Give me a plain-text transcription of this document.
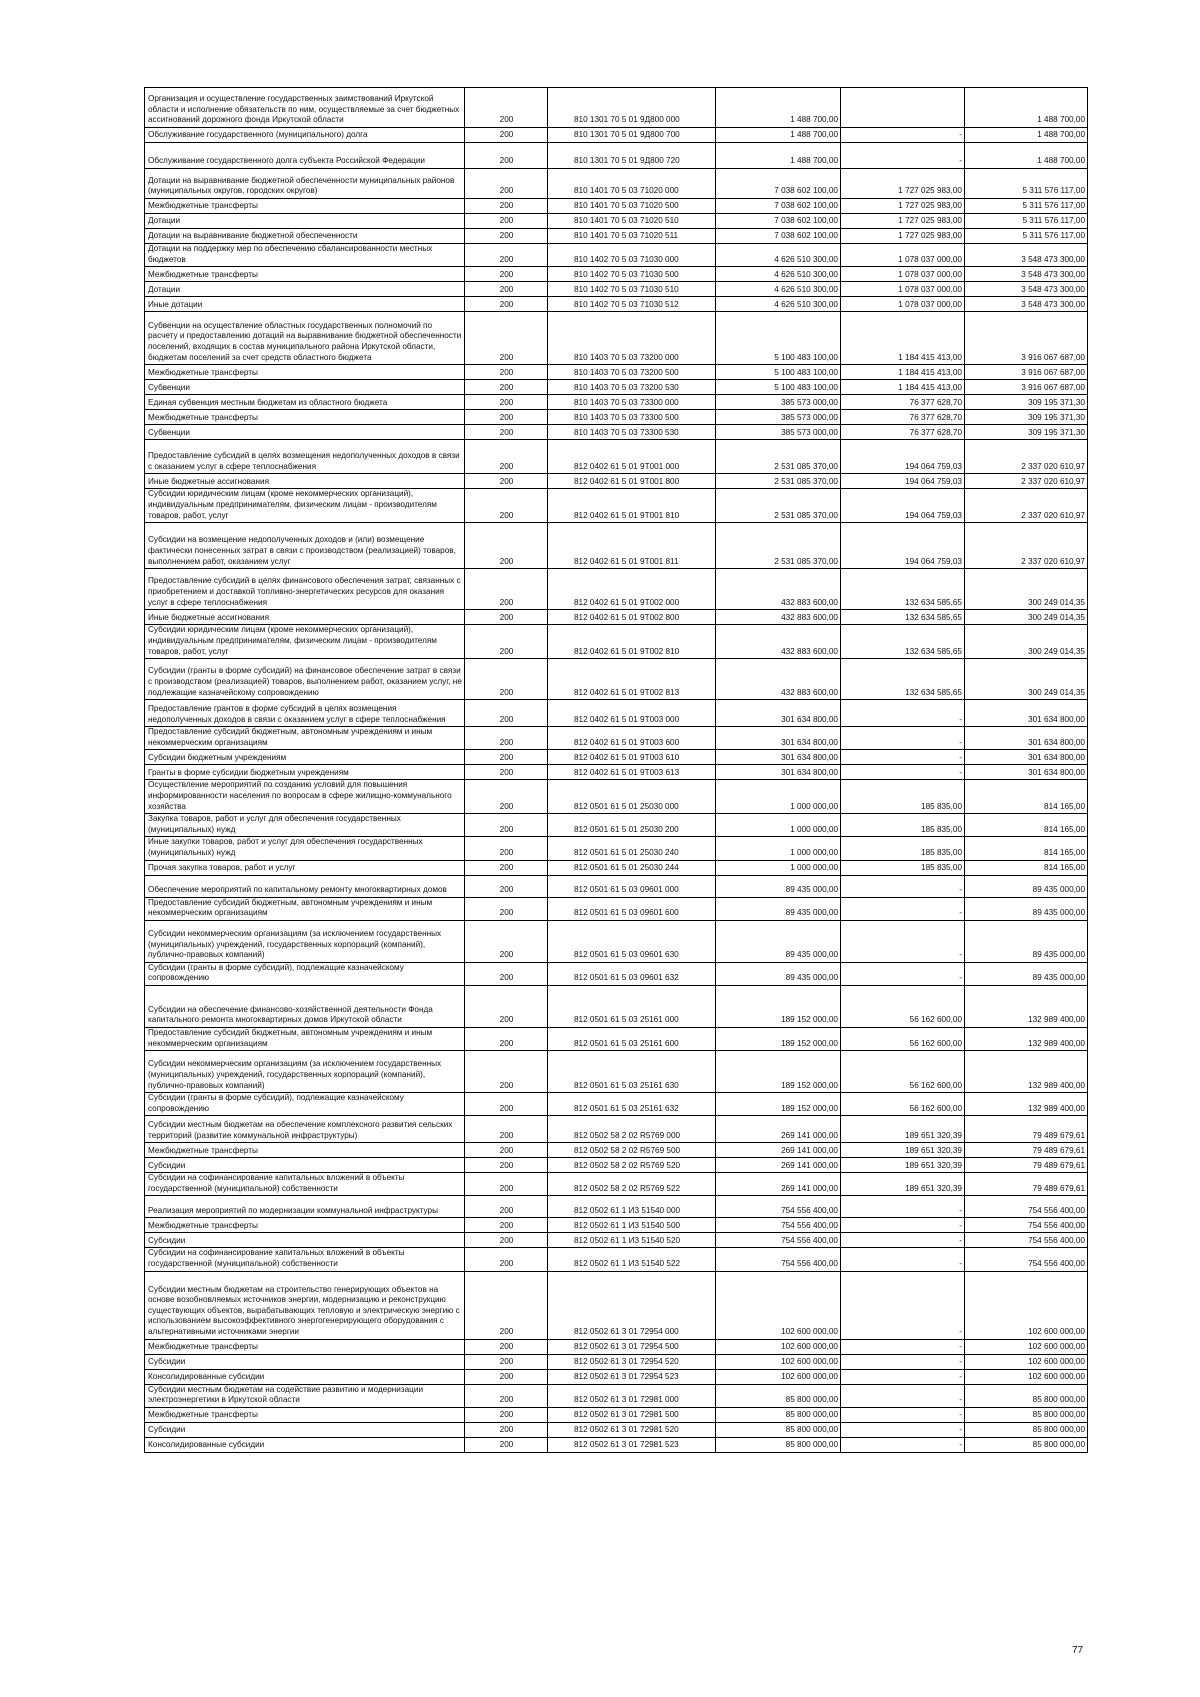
Организация и осуществление государственных заимствований Иркутской области и исполнение обязательств по ним, осуществляемые за счет бюджетных ассигнований дорожного фонда Иркутской области	200	810 1301 70 5 01 9Д800 000	1 488 700,00		1 488 700,00
Обслуживание государственного (муниципального) долга	200	810 1301 70 5 01 9Д800 700	1 488 700,00	-	1 488 700,00
Обслуживание государственного долга субъекта Российской Федерации	200	810 1301 70 5 01 9Д800 720	1 488 700,00	-	1 488 700,00
Дотации на выравнивание бюджетной обеспеченности муниципальных районов (муниципальных округов, городских округов)	200	810 1401 70 5 03 71020 000	7 038 602 100,00	1 727 025 983,00	5 311 576 117,00
Межбюджетные трансферты	200	810 1401 70 5 03 71020 500	7 038 602 100,00	1 727 025 983,00	5 311 576 117,00
Дотации	200	810 1401 70 5 03 71020 510	7 038 602 100,00	1 727 025 983,00	5 311 576 117,00
Дотации на выравнивание бюджетной обеспеченности	200	810 1401 70 5 03 71020 511	7 038 602 100,00	1 727 025 983,00	5 311 576 117,00
Дотации на поддержку мер по обеспечению сбалансированности местных бюджетов	200	810 1402 70 5 03 71030 000	4 626 510 300,00	1 078 037 000,00	3 548 473 300,00
Межбюджетные трансферты	200	810 1402 70 5 03 71030 500	4 626 510 300,00	1 078 037 000,00	3 548 473 300,00
Дотации	200	810 1402 70 5 03 71030 510	4 626 510 300,00	1 078 037 000,00	3 548 473 300,00
Иные дотации	200	810 1402 70 5 03 71030 512	4 626 510 300,00	1 078 037 000,00	3 548 473 300,00
Субвенции на осуществление областных государственных полномочий по расчету и предоставлению дотаций на выравнивание бюджетной обеспеченности поселений, входящих в состав муниципального района Иркутской области, бюджетам поселений за счет средств областного бюджета	200	810 1403 70 5 03 73200 000	5 100 483 100,00	1 184 415 413,00	3 916 067 687,00
Межбюджетные трансферты	200	810 1403 70 5 03 73200 500	5 100 483 100,00	1 184 415 413,00	3 916 067 687,00
Субвенции	200	810 1403 70 5 03 73200 530	5 100 483 100,00	1 184 415 413,00	3 916 067 687,00
Единая субвенция местным бюджетам из областного бюджета	200	810 1403 70 5 03 73300 000	385 573 000,00	76 377 628,70	309 195 371,30
Межбюджетные трансферты	200	810 1403 70 5 03 73300 500	385 573 000,00	76 377 628,70	309 195 371,30
Субвенции	200	810 1403 70 5 03 73300 530	385 573 000,00	76 377 628,70	309 195 371,30
Предоставление субсидий в целях возмещения недополученных доходов в связи с оказанием услуг в сфере теплоснабжения	200	812 0402 61 5 01 9Т001 000	2 531 085 370,00	194 064 759,03	2 337 020 610,97
Иные бюджетные ассигнования	200	812 0402 61 5 01 9Т001 800	2 531 085 370,00	194 064 759,03	2 337 020 610,97
Субсидии юридическим лицам (кроме некоммерческих организаций), индивидуальным предпринимателям, физическим лицам - производителям товаров, работ, услуг	200	812 0402 61 5 01 9Т001 810	2 531 085 370,00	194 064 759,03	2 337 020 610,97
Субсидии на возмещение недополученных доходов и (или) возмещение фактически понесенных затрат в связи с производством (реализацией) товаров, выполнением работ, оказанием услуг	200	812 0402 61 5 01 9Т001 811	2 531 085 370,00	194 064 759,03	2 337 020 610,97
Предоставление субсидий в целях финансового обеспечения затрат, связанных с приобретением и доставкой топливно-энергетических ресурсов для оказания услуг в сфере теплоснабжения	200	812 0402 61 5 01 9Т002 000	432 883 600,00	132 634 585,65	300 249 014,35
Иные бюджетные ассигнования	200	812 0402 61 5 01 9Т002 800	432 883 600,00	132 634 585,65	300 249 014,35
Субсидии юридическим лицам (кроме некоммерческих организаций), индивидуальным предпринимателям, физическим лицам - производителям товаров, работ, услуг	200	812 0402 61 5 01 9Т002 810	432 883 600,00	132 634 585,65	300 249 014,35
Субсидии (гранты в форме субсидий) на финансовое обеспечение затрат в связи с производством (реализацией) товаров, выполнением работ, оказанием услуг, не подлежащие казначейскому сопровождению	200	812 0402 61 5 01 9Т002 813	432 883 600,00	132 634 585,65	300 249 014,35
Предоставление грантов в форме субсидий в целях возмещения недополученных доходов в связи с оказанием услуг в сфере теплоснабжения	200	812 0402 61 5 01 9Т003 000	301 634 800,00	-	301 634 800,00
Предоставление субсидий бюджетным, автономным учреждениям и иным некоммерческим организациям	200	812 0402 61 5 01 9Т003 600	301 634 800,00	-	301 634 800,00
Субсидии бюджетным учреждениям	200	812 0402 61 5 01 9Т003 610	301 634 800,00	-	301 634 800,00
Гранты в форме субсидии бюджетным учреждениям	200	812 0402 61 5 01 9Т003 613	301 634 800,00	-	301 634 800,00
Осуществление мероприятий по созданию условий для повышения информированности населения по вопросам в сфере жилищно-коммунального хозяйства	200	812 0501 61 5 01 25030 000	1 000 000,00	185 835,00	814 165,00
Закупка товаров, работ и услуг для обеспечения государственных (муниципальных) нужд	200	812 0501 61 5 01 25030 200	1 000 000,00	185 835,00	814 165,00
Иные закупки товаров, работ и услуг для обеспечения государственных (муниципальных) нужд	200	812 0501 61 5 01 25030 240	1 000 000,00	185 835,00	814 165,00
Прочая закупка товаров, работ и услуг	200	812 0501 61 5 01 25030 244	1 000 000,00	185 835,00	814 165,00
Обеспечение мероприятий по капитальному ремонту многоквартирных домов	200	812 0501 61 5 03 09601 000	89 435 000,00	-	89 435 000,00
Предоставление субсидий бюджетным, автономным учреждениям и иным некоммерческим организациям	200	812 0501 61 5 03 09601 600	89 435 000,00	-	89 435 000,00
Субсидии некоммерческим организациям (за исключением государственных (муниципальных) учреждений, государственных корпораций (компаний), публично-правовых компаний)	200	812 0501 61 5 03 09601 630	89 435 000,00	-	89 435 000,00
Субсидии (гранты в форме субсидий), подлежащие казначейскому сопровождению	200	812 0501 61 5 03 09601 632	89 435 000,00	-	89 435 000,00
Субсидии на обеспечение финансово-хозяйственной деятельности Фонда капитального ремонта многоквартирных домов Иркутской области	200	812 0501 61 5 03 25161 000	189 152 000,00	56 162 600,00	132 989 400,00
Предоставление субсидий бюджетным, автономным учреждениям и иным некоммерческим организациям	200	812 0501 61 5 03 25161 600	189 152 000,00	56 162 600,00	132 989 400,00
Субсидии некоммерческим организациям (за исключением государственных (муниципальных) учреждений, государственных корпораций (компаний), публично-правовых компаний)	200	812 0501 61 5 03 25161 630	189 152 000,00	56 162 600,00	132 989 400,00
Субсидии (гранты в форме субсидий), подлежащие казначейскому сопровождению	200	812 0501 61 5 03 25161 632	189 152 000,00	56 162 600,00	132 989 400,00
Субсидии местным бюджетам на обеспечение комплексного развития сельских территорий (развитие коммунальной инфраструктуры)	200	812 0502 58 2 02 R5769 000	269 141 000,00	189 651 320,39	79 489 679,61
Межбюджетные трансферты	200	812 0502 58 2 02 R5769 500	269 141 000,00	189 651 320,39	79 489 679,61
Субсидии	200	812 0502 58 2 02 R5769 520	269 141 000,00	189 651 320,39	79 489 679,61
Субсидии на софинансирование капитальных вложений в объекты государственной (муниципальной) собственности	200	812 0502 58 2 02 R5769 522	269 141 000,00	189 651 320,39	79 489 679,61
Реализация мероприятий по модернизации коммунальной инфраструктуры	200	812 0502 61 1 И3 51540 000	754 556 400,00	-	754 556 400,00
Межбюджетные трансферты	200	812 0502 61 1 И3 51540 500	754 556 400,00	-	754 556 400,00
Субсидии	200	812 0502 61 1 И3 51540 520	754 556 400,00	-	754 556 400,00
Субсидии на софинансирование капитальных вложений в объекты государственной (муниципальной) собственности	200	812 0502 61 1 И3 51540 522	754 556 400,00	-	754 556 400,00
Субсидии местным бюджетам на строительство генерирующих объектов на основе возобновляемых источников энергии, модернизацию и реконструкцию существующих объектов, вырабатывающих тепловую и электрическую энергию с использованием высокоэффективного энергогенерирующего оборудования с альтернативными источниками энергии	200	812 0502 61 3 01 72954 000	102 600 000,00	-	102 600 000,00
Межбюджетные трансферты	200	812 0502 61 3 01 72954 500	102 600 000,00	-	102 600 000,00
Субсидии	200	812 0502 61 3 01 72954 520	102 600 000,00	-	102 600 000,00
Консолидированные субсидии	200	812 0502 61 3 01 72954 523	102 600 000,00	-	102 600 000,00
Субсидии местным бюджетам на содействие развитию и модернизации электроэнергетики в Иркутской области	200	812 0502 61 3 01 72981 000	85 800 000,00	-	85 800 000,00
Межбюджетные трансферты	200	812 0502 61 3 01 72981 500	85 800 000,00	-	85 800 000,00
Субсидии	200	812 0502 61 3 01 72981 520	85 800 000,00	-	85 800 000,00
Консолидированные субсидии	200	812 0502 61 3 01 72981 523	85 800 000,00	-	85 800 000,00
77
